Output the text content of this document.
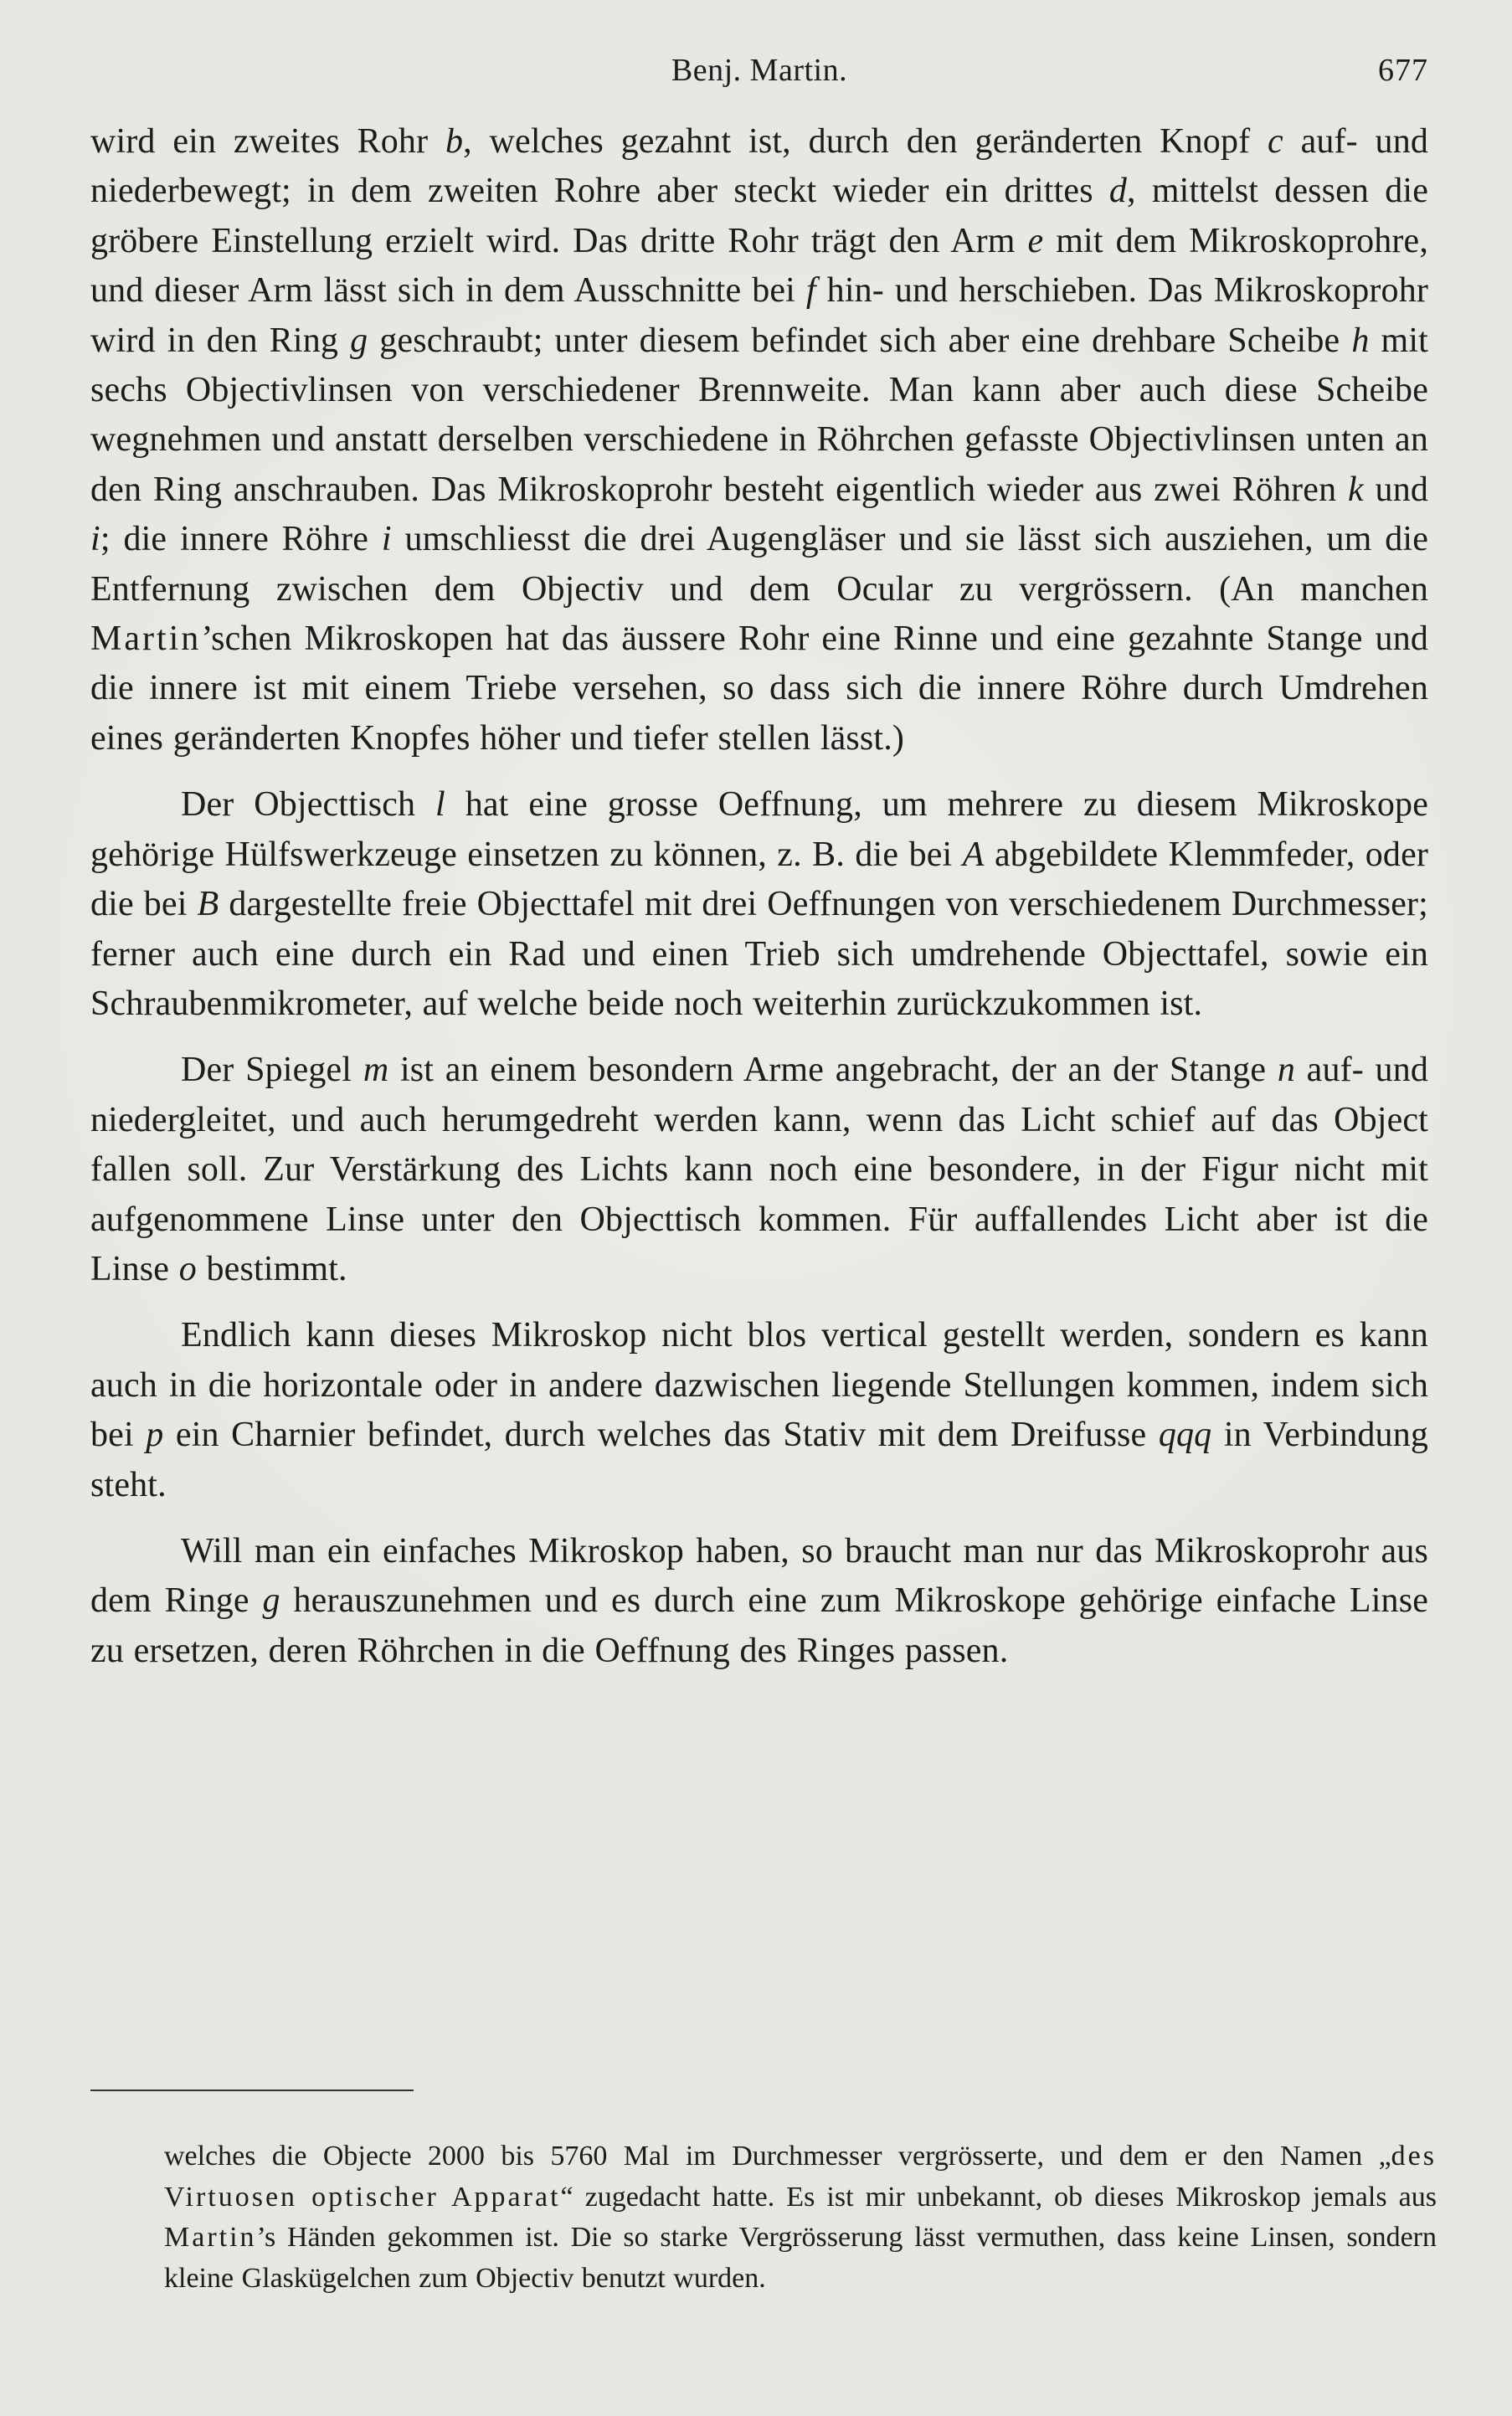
Benj. Martin.	677

wird ein zweites Rohr b, welches gezahnt ist, durch den geränderten Knopf c auf- und niederbewegt; in dem zweiten Rohre aber steckt wieder ein drittes d, mittelst dessen die gröbere Einstellung erzielt wird. Das dritte Rohr trägt den Arm e mit dem Mikroskoprohre, und dieser Arm lässt sich in dem Ausschnitte bei f hin- und herschieben. Das Mikroskoprohr wird in den Ring g geschraubt; unter diesem befindet sich aber eine drehbare Scheibe h mit sechs Objectivlinsen von verschiedener Brennweite. Man kann aber auch diese Scheibe wegnehmen und anstatt derselben verschiedene in Röhrchen gefasste Objectivlinsen unten an den Ring anschrauben. Das Mikroskoprohr besteht eigentlich wieder aus zwei Röhren k und i; die innere Röhre i umschliesst die drei Augengläser und sie lässt sich ausziehen, um die Entfernung zwischen dem Objectiv und dem Ocular zu vergrössern. (An manchen Martin’schen Mikroskopen hat das äussere Rohr eine Rinne und eine gezahnte Stange und die innere ist mit einem Triebe versehen, so dass sich die innere Röhre durch Umdrehen eines geränderten Knopfes höher und tiefer stellen lässt.)

Der Objecttisch l hat eine grosse Oeffnung, um mehrere zu diesem Mikroskope gehörige Hülfswerkzeuge einsetzen zu können, z. B. die bei A abgebildete Klemmfeder, oder die bei B dargestellte freie Objecttafel mit drei Oeffnungen von verschiedenem Durchmesser; ferner auch eine durch ein Rad und einen Trieb sich umdrehende Objecttafel, sowie ein Schraubenmikrometer, auf welche beide noch weiterhin zurückzukommen ist.

Der Spiegel m ist an einem besondern Arme angebracht, der an der Stange n auf- und niedergleitet, und auch herumgedreht werden kann, wenn das Licht schief auf das Object fallen soll. Zur Verstärkung des Lichts kann noch eine besondere, in der Figur nicht mit aufgenommene Linse unter den Objecttisch kommen. Für auffallendes Licht aber ist die Linse o bestimmt.

Endlich kann dieses Mikroskop nicht blos vertical gestellt werden, sondern es kann auch in die horizontale oder in andere dazwischen liegende Stellungen kommen, indem sich bei p ein Charnier befindet, durch welches das Stativ mit dem Dreifusse qqq in Verbindung steht.

Will man ein einfaches Mikroskop haben, so braucht man nur das Mikroskoprohr aus dem Ringe g herauszunehmen und es durch eine zum Mikroskope gehörige einfache Linse zu ersetzen, deren Röhrchen in die Oeffnung des Ringes passen.

welches die Objecte 2000 bis 5760 Mal im Durchmesser vergrösserte, und dem er den Namen „des Virtuosen optischer Apparat“ zugedacht hatte. Es ist mir unbekannt, ob dieses Mikroskop jemals aus Martin’s Händen gekommen ist. Die so starke Vergrösserung lässt vermuthen, dass keine Linsen, sondern kleine Glaskügelchen zum Objectiv benutzt wurden.
